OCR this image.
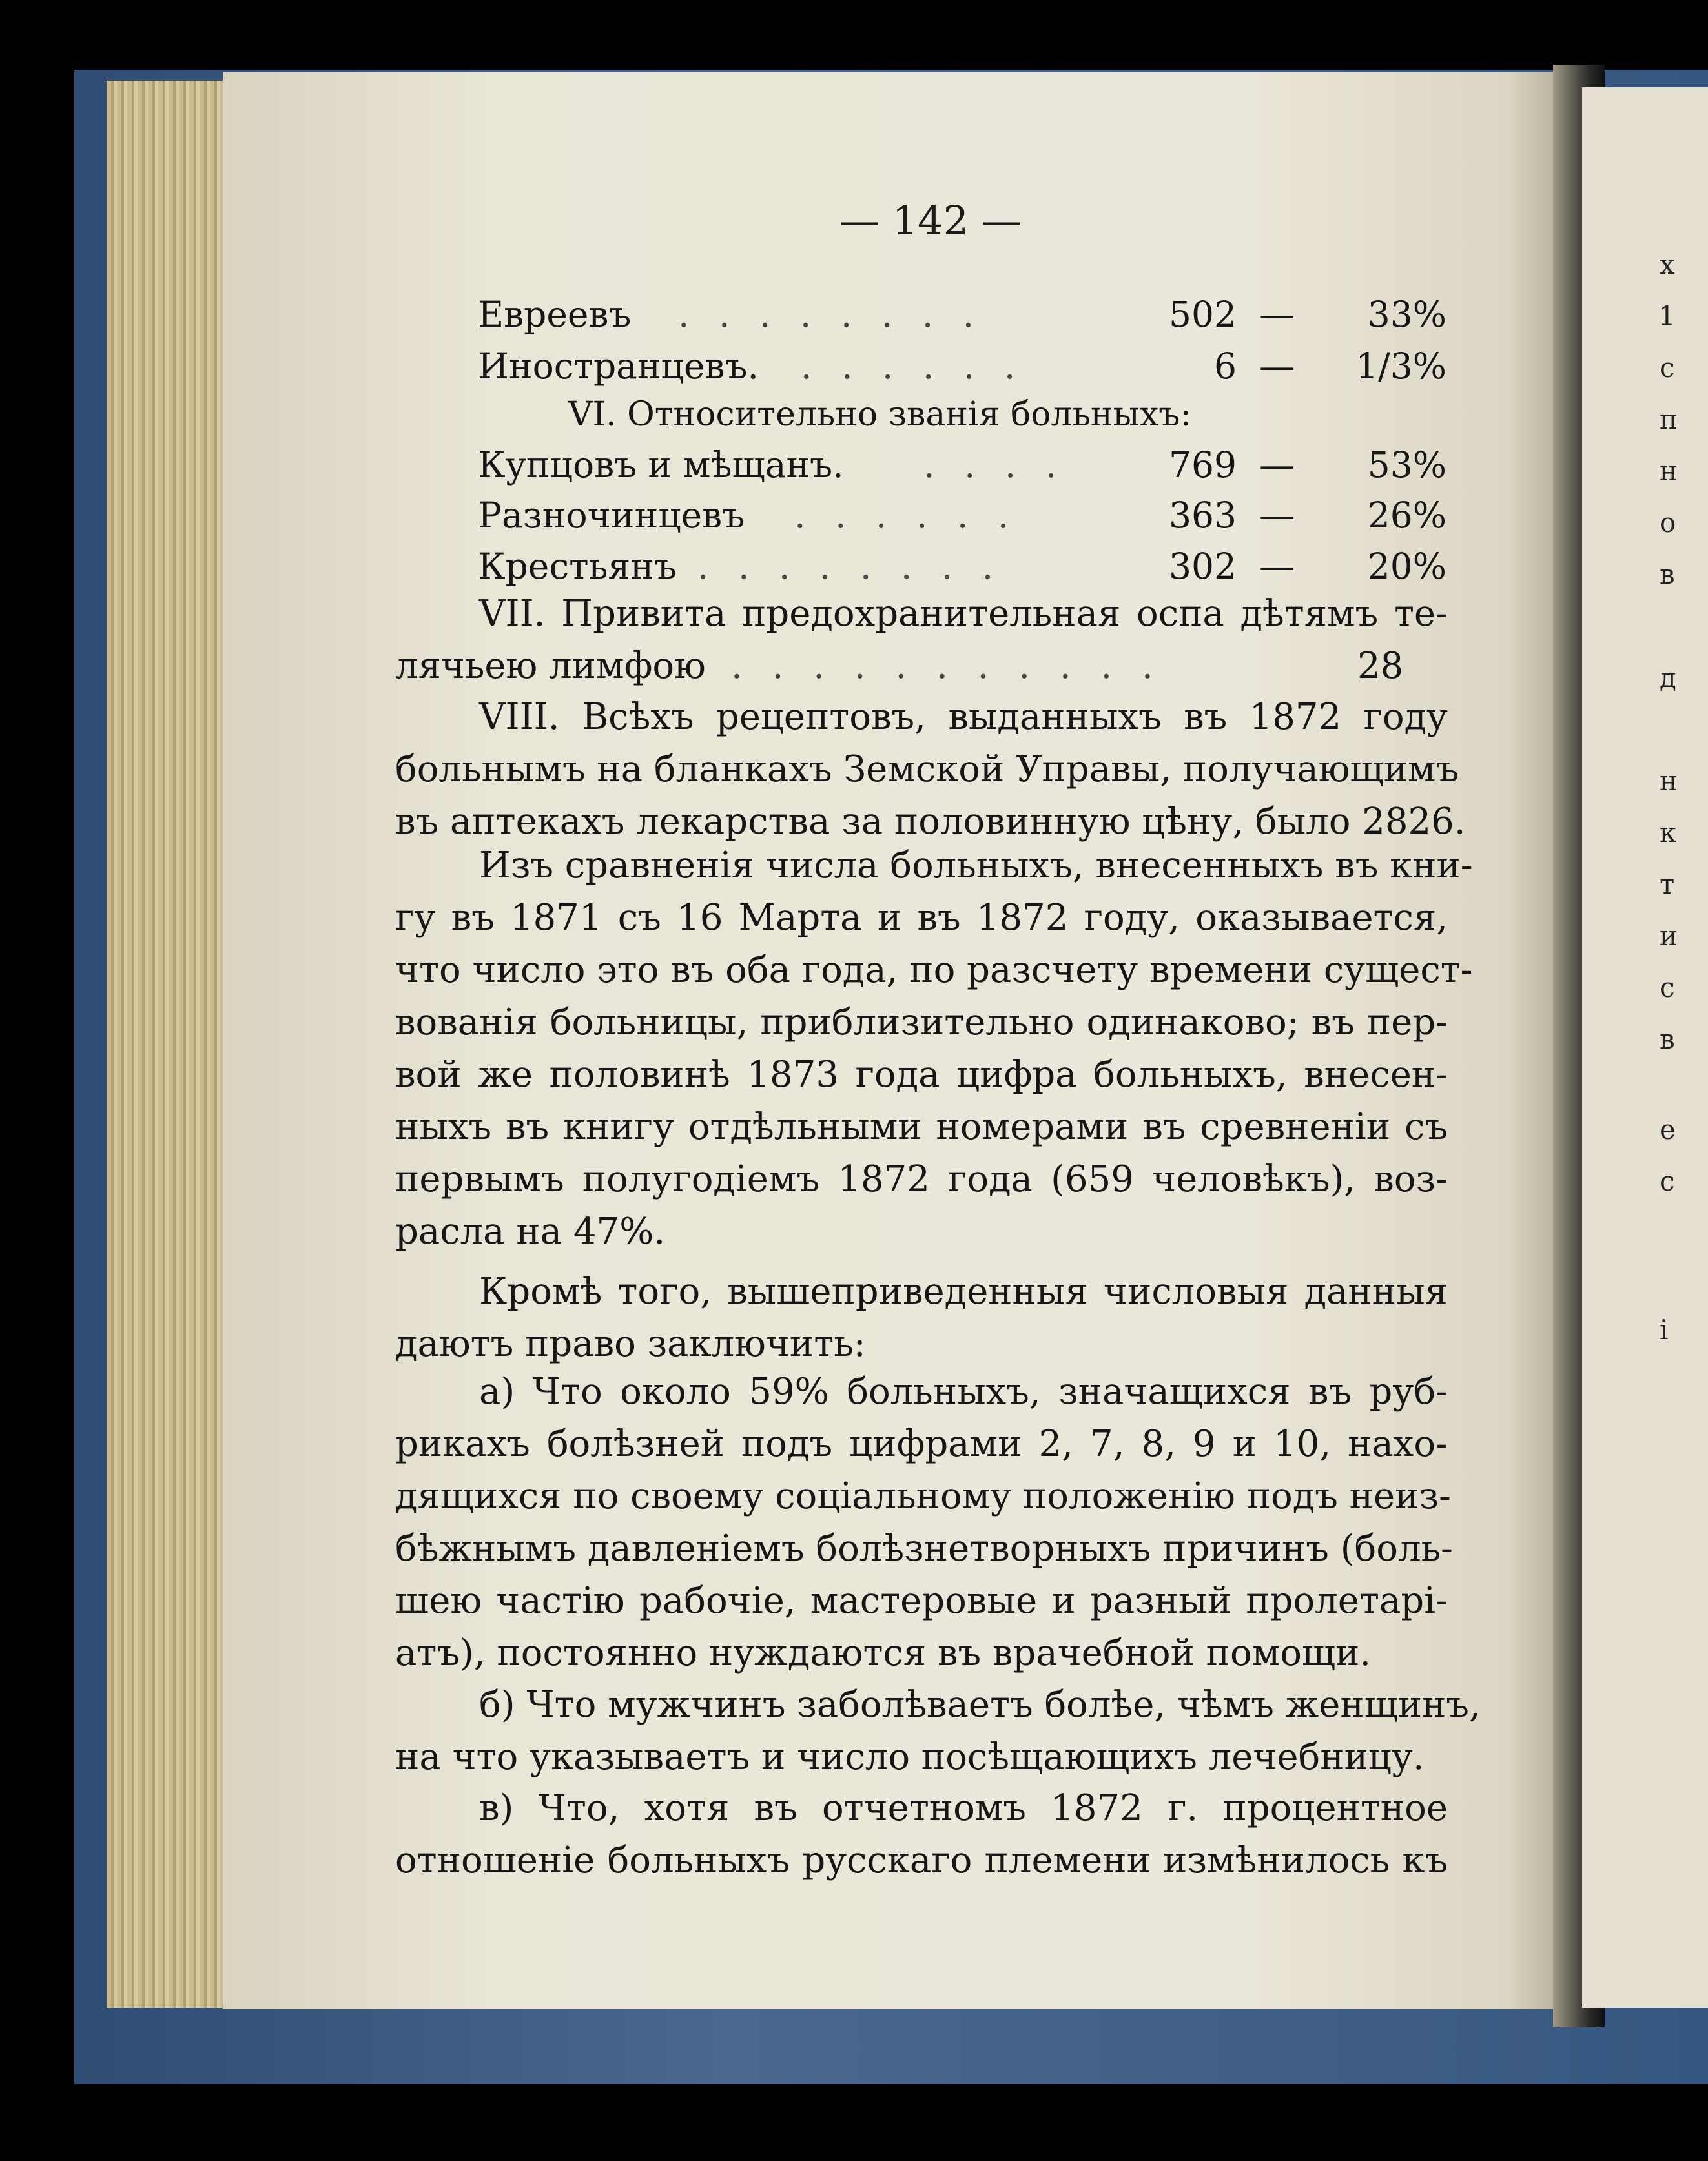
х
1
с
п
н
о
в
д
н
к
т
и
с
в
е
с
і
— 142 —
Евреевъ . . . . . . . .	502 —	33%
Иностранцевъ. . . . . . .	6 —	1/3%
VI. Относительно званія больныхъ:
Купцовъ и мѣщанъ. . . . .	769 —	53%
Разночинцевъ . . . . . .	363 —	26%
Крестьянъ . . . . . . . .	302 —	20%
VII. Привита предохранительная оспа дѣтямъ те-
лячьею лимфою . . . . . . . . . . .	28
VIII. Всѣхъ рецептовъ, выданныхъ въ 1872 году
больнымъ на бланкахъ Земской Управы, получающимъ
въ аптекахъ лекарства за половинную цѣну, было 2826.
Изъ сравненія числа больныхъ, внесенныхъ въ кни-
гу въ 1871 съ 16 Марта и въ 1872 году, оказывается,
что число это въ оба года, по разсчету времени сущест-
вованія больницы, приблизительно одинаково; въ пер-
вой же половинѣ 1873 года цифра больныхъ, внесен-
ныхъ въ книгу отдѣльными номерами въ сревненіи съ
первымъ полугодіемъ 1872 года (659 человѣкъ), воз-
расла на 47%.
Кромѣ того, вышеприведенныя числовыя данныя
даютъ право заключить:
а) Что около 59% больныхъ, значащихся въ руб-
рикахъ болѣзней подъ цифрами 2, 7, 8, 9 и 10, нахо-
дящихся по своему соціальному положенію подъ неиз-
бѣжнымъ давленіемъ болѣзнетворныхъ причинъ (боль-
шею частію рабочіе, мастеровые и разный пролетарі-
атъ), постоянно нуждаются въ врачебной помощи.
б) Что мужчинъ заболѣваетъ болѣе, чѣмъ женщинъ,
на что указываетъ и число посѣщающихъ лечебницу.
в) Что, хотя въ отчетномъ 1872 г. процентное
отношеніе больныхъ русскаго племени измѣнилось къ
